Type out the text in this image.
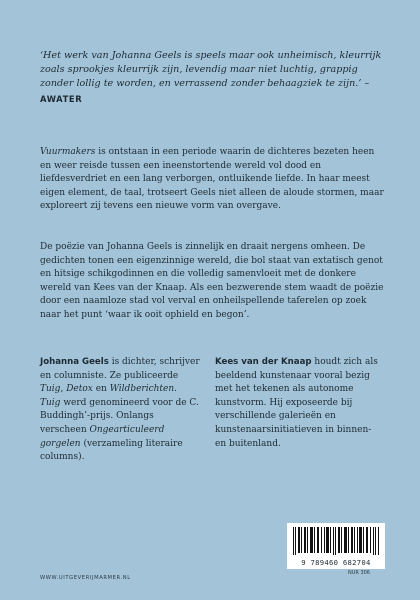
‘Het werk van Johanna Geels is speels maar ook unheimisch, kleurrijk zoals sprookjes kleurrijk zijn, levendig maar niet luchtig, grappig zonder lollig te worden, en verrassend zonder behaagziek te zijn.’ – AWATER
Vuurmakers is ontstaan in een periode waarin de dichteres bezeten heen en weer reisde tussen een ineenstortende wereld vol dood en liefdesverdriet en een lang verborgen, ontluikende liefde. In haar meest eigen element, de taal, trotseert Geels niet alleen de aloude stormen, maar exploreert zij tevens een nieuwe vorm van overgave.
De poëzie van Johanna Geels is zinnelijk en draait nergens omheen. De gedichten tonen een eigenzinnige wereld, die bol staat van extatisch genot en hitsige schikgodinnen en die volledig samenvloeit met de donkere wereld van Kees van der Knaap. Als een bezwerende stem waadt de poëzie door een naamloze stad vol verval en onheilspellende taferelen op zoek naar het punt ‘waar ik ooit ophield en begon’.
Johanna Geels is dichter, schrijver en columniste. Ze publiceerde Tuig, Detox en Wildberichten. Tuig werd genomineerd voor de C. Buddingh’-prijs. Onlangs verscheen Ongearticuleerd gorgelen (verzameling literaire columns).
Kees van der Knaap houdt zich als beeldend kunstenaar vooral bezig met het tekenen als autonome kunstvorm. Hij exposeerde bij verschillende galerieën en kunstenaarsinitiatieven in binnen- en buitenland.
9 789460 682704
NUR 306
WWW.UITGEVERIJMARMER.NL
